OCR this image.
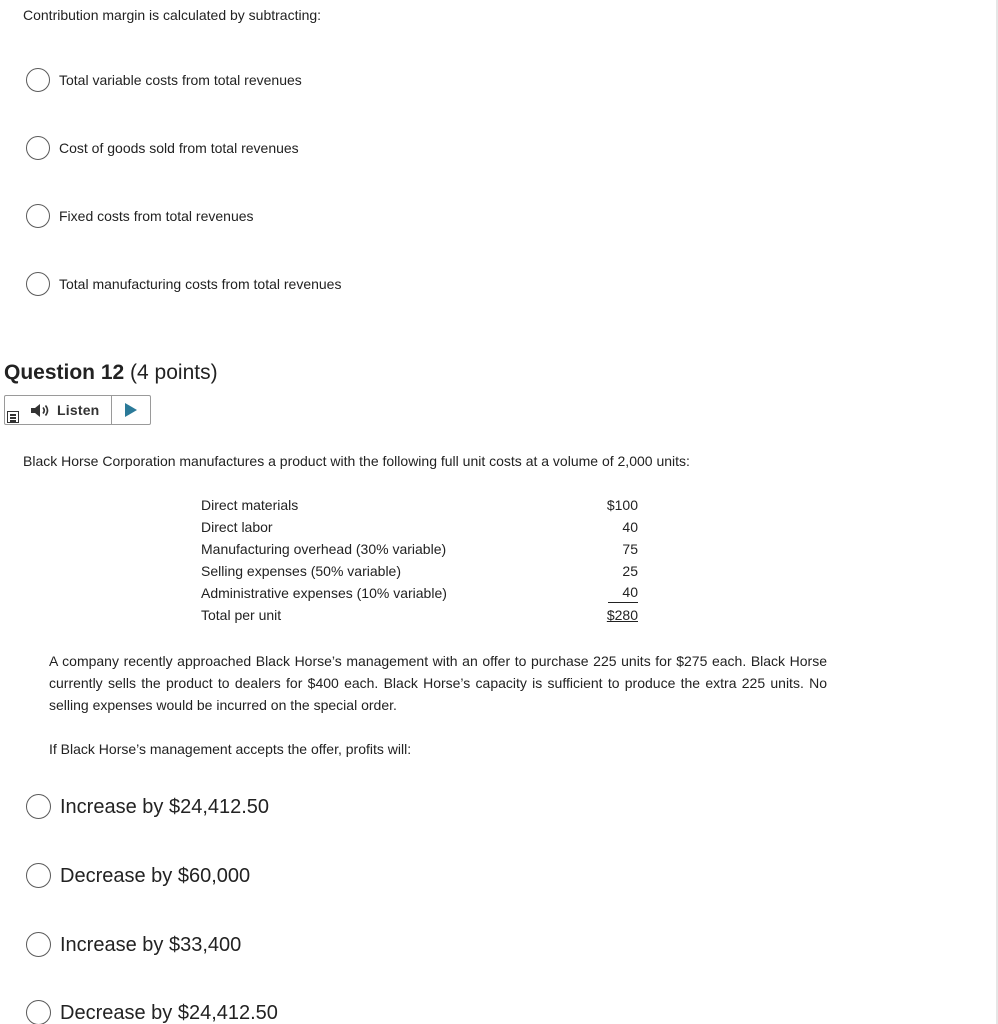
Contribution margin is calculated by subtracting:
Total variable costs from total revenues
Cost of goods sold from total revenues
Fixed costs from total revenues
Total manufacturing costs from total revenues
Question 12 (4 points)
Listen
Black Horse Corporation manufactures a product with the following full unit costs at a volume of 2,000 units:
Direct materials	$100
Direct labor	40
Manufacturing overhead (30% variable)	75
Selling expenses (50% variable)	25
Administrative expenses (10% variable)	40
Total per unit	$280
A company recently approached Black Horse’s management with an offer to purchase 225 units for $275 each. Black Horse currently sells the product to dealers for $400 each. Black Horse’s capacity is sufficient to produce the extra 225 units. No selling expenses would be incurred on the special order.
If Black Horse’s management accepts the offer, profits will:
Increase by $24,412.50
Decrease by $60,000
Increase by $33,400
Decrease by $24,412.50
